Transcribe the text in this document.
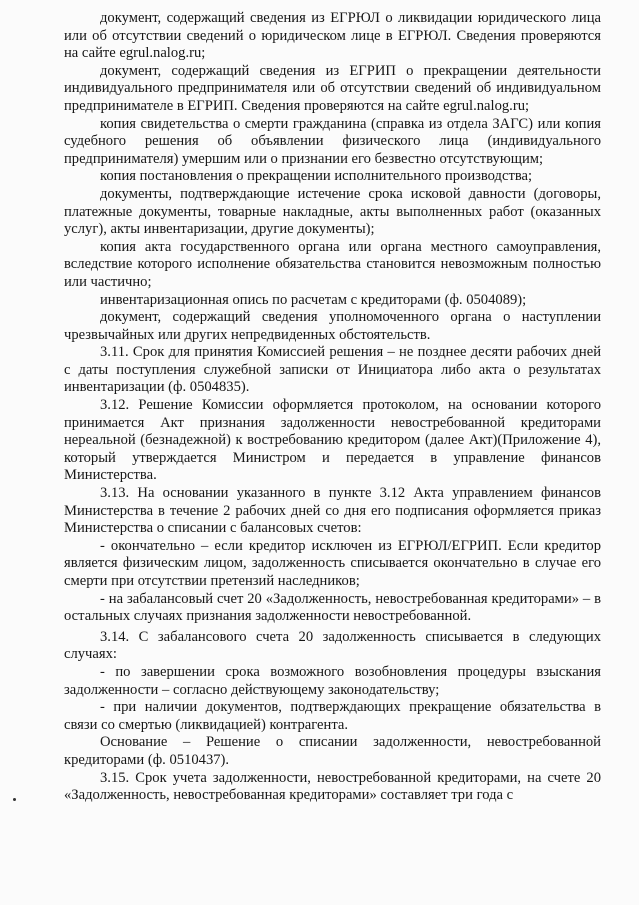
документ, содержащий сведения из ЕГРЮЛ о ликвидации юридического лица или об отсутствии сведений о юридическом лице в ЕГРЮЛ. Сведения проверяются на сайте egrul.nalog.ru;

документ, содержащий сведения из ЕГРИП о прекращении деятельности индивидуального предпринимателя или об отсутствии сведений об индивидуальном предпринимателе в ЕГРИП. Сведения проверяются на сайте egrul.nalog.ru;

копия свидетельства о смерти гражданина (справка из отдела ЗАГС) или копия судебного решения об объявлении физического лица (индивидуального предпринимателя) умершим или о признании его безвестно отсутствующим;

копия постановления о прекращении исполнительного производства;

документы, подтверждающие истечение срока исковой давности (договоры, платежные документы, товарные накладные, акты выполненных работ (оказанных услуг), акты инвентаризации, другие документы);

копия акта государственного органа или органа местного самоуправления, вследствие которого исполнение обязательства становится невозможным полностью или частично;

инвентаризационная опись по расчетам с кредиторами (ф. 0504089);

документ, содержащий сведения уполномоченного органа о наступлении чрезвычайных или других непредвиденных обстоятельств.

3.11. Срок для принятия Комиссией решения – не позднее десяти рабочих дней с даты поступления служебной записки от Инициатора либо акта о результатах инвентаризации (ф. 0504835).

3.12. Решение Комиссии оформляется протоколом, на основании которого принимается Акт признания задолженности невостребованной кредиторами нереальной (безнадежной) к востребованию кредитором (далее Акт)(Приложение 4), который утверждается Министром и передается в управление финансов Министерства.

3.13. На основании указанного в пункте 3.12 Акта управлением финансов Министерства в течение 2 рабочих дней со дня его подписания оформляется приказ Министерства о списании с балансовых счетов:

- окончательно – если кредитор исключен из ЕГРЮЛ/ЕГРИП. Если кредитор является физическим лицом, задолженность списывается окончательно в случае его смерти при отсутствии претензий наследников;

- на забалансовый счет 20 «Задолженность, невостребованная кредиторами» – в остальных случаях признания задолженности невостребованной.

3.14. С забалансового счета 20 задолженность списывается в следующих случаях:

- по завершении срока возможного возобновления процедуры взыскания задолженности – согласно действующему законодательству;

- при наличии документов, подтверждающих прекращение обязательства в связи со смертью (ликвидацией) контрагента.

Основание – Решение о списании задолженности, невостребованной кредиторами (ф. 0510437).

3.15. Срок учета задолженности, невостребованной кредиторами, на счете 20 «Задолженность, невостребованная кредиторами» составляет три года с
